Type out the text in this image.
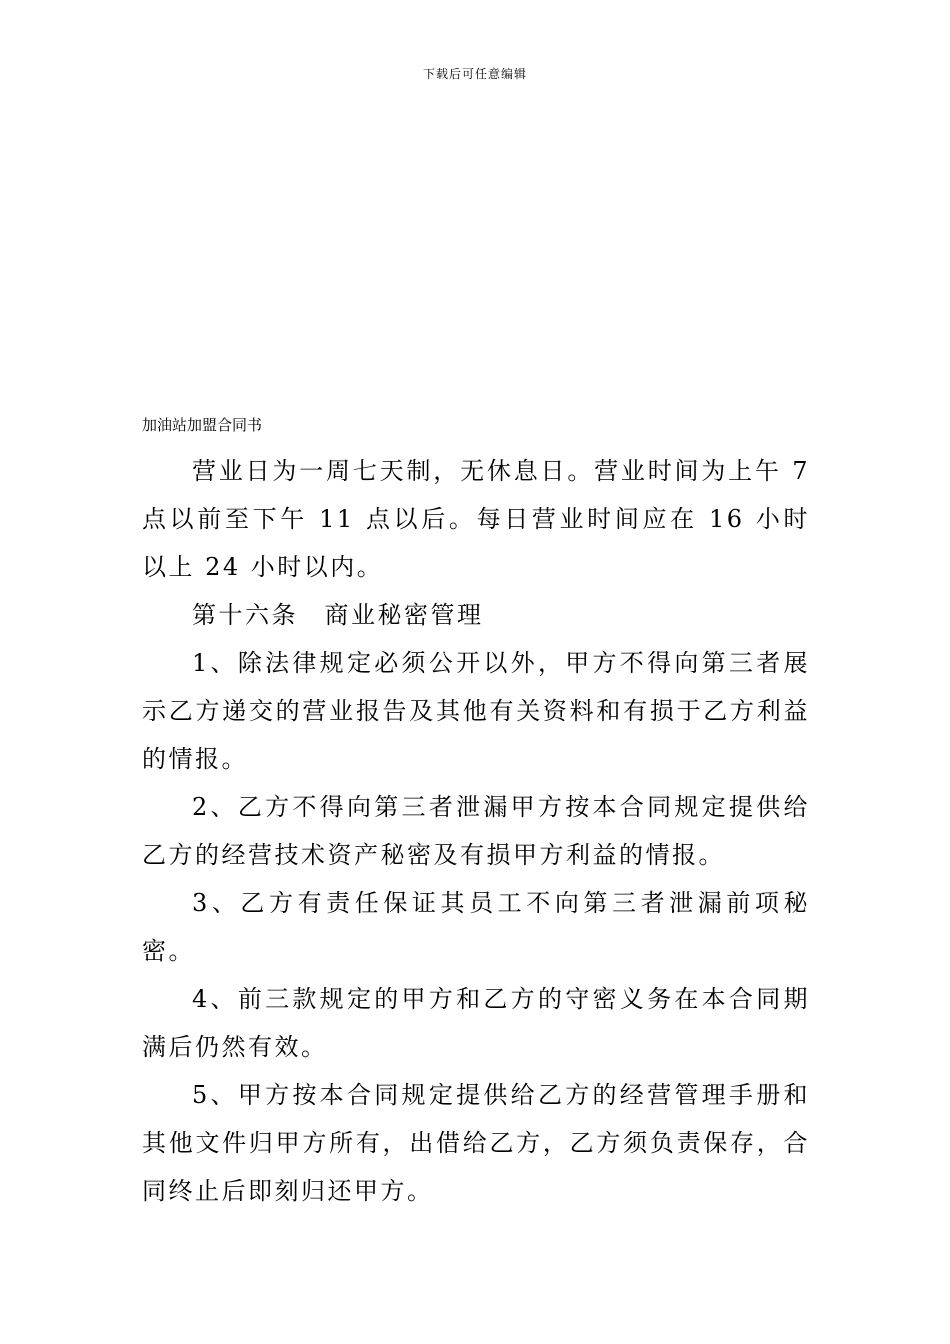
下载后可任意编辑
加油站加盟合同书

营业日为一周七天制，无休息日。营业时间为上午 7 点以前至下午 11 点以后。每日营业时间应在 16 小时以上 24 小时以内。

第十六条　商业秘密管理

1、除法律规定必须公开以外，甲方不得向第三者展示乙方递交的营业报告及其他有关资料和有损于乙方利益的情报。

2、乙方不得向第三者泄漏甲方按本合同规定提供给乙方的经营技术资产秘密及有损甲方利益的情报。

3、乙方有责任保证其员工不向第三者泄漏前项秘密。

4、前三款规定的甲方和乙方的守密义务在本合同期满后仍然有效。

5、甲方按本合同规定提供给乙方的经营管理手册和其他文件归甲方所有，出借给乙方，乙方须负责保存，合同终止后即刻归还甲方。
